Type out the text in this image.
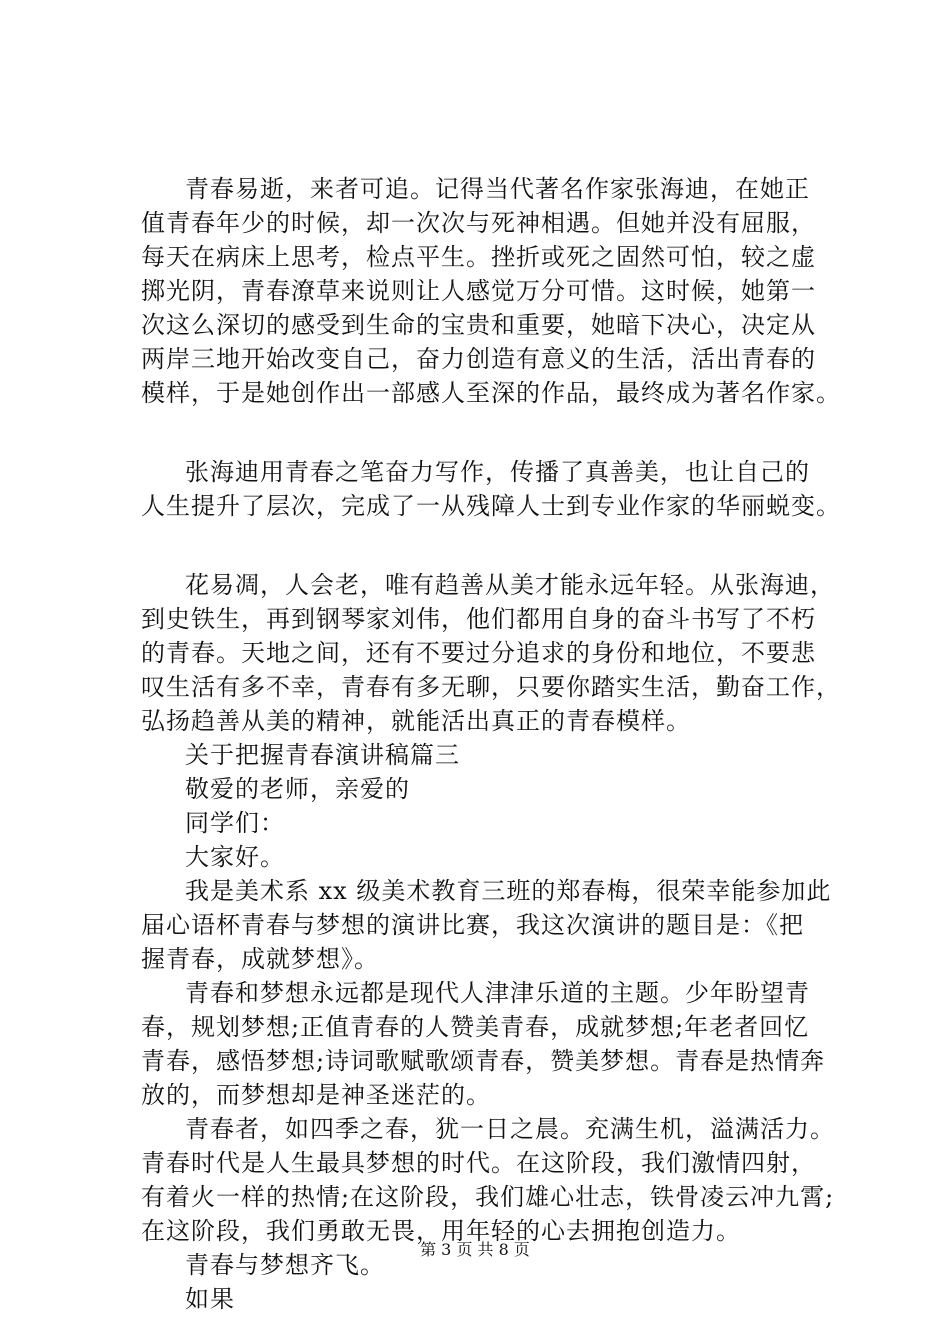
青春易逝，来者可追。记得当代著名作家张海迪，在她正
值青春年少的时候，却一次次与死神相遇。但她并没有屈服，
每天在病床上思考，检点平生。挫折或死之固然可怕，较之虚
掷光阴，青春潦草来说则让人感觉万分可惜。这时候，她第一
次这么深切的感受到生命的宝贵和重要，她暗下决心，决定从
两岸三地开始改变自己，奋力创造有意义的生活，活出青春的
模样，于是她创作出一部感人至深的作品，最终成为著名作家。
张海迪用青春之笔奋力写作，传播了真善美，也让自己的
人生提升了层次，完成了一从残障人士到专业作家的华丽蜕变。
花易凋，人会老，唯有趋善从美才能永远年轻。从张海迪，
到史铁生，再到钢琴家刘伟，他们都用自身的奋斗书写了不朽
的青春。天地之间，还有不要过分追求的身份和地位，不要悲
叹生活有多不幸，青春有多无聊，只要你踏实生活，勤奋工作，
弘扬趋善从美的精神，就能活出真正的青春模样。
关于把握青春演讲稿篇三
敬爱的老师，亲爱的
同学们：
大家好。
我是美术系 xx 级美术教育三班的郑春梅，很荣幸能参加此
届心语杯青春与梦想的演讲比赛，我这次演讲的题目是：《把
握青春，成就梦想》。
青春和梦想永远都是现代人津津乐道的主题。少年盼望青
春，规划梦想;正值青春的人赞美青春，成就梦想;年老者回忆
青春，感悟梦想;诗词歌赋歌颂青春，赞美梦想。青春是热情奔
放的，而梦想却是神圣迷茫的。
青春者，如四季之春，犹一日之晨。充满生机，溢满活力。
青春时代是人生最具梦想的时代。在这阶段，我们激情四射，
有着火一样的热情;在这阶段，我们雄心壮志，铁骨凌云冲九霄;
在这阶段，我们勇敢无畏，用年轻的心去拥抱创造力。
青春与梦想齐飞。
如果
第 3 页 共 8 页
